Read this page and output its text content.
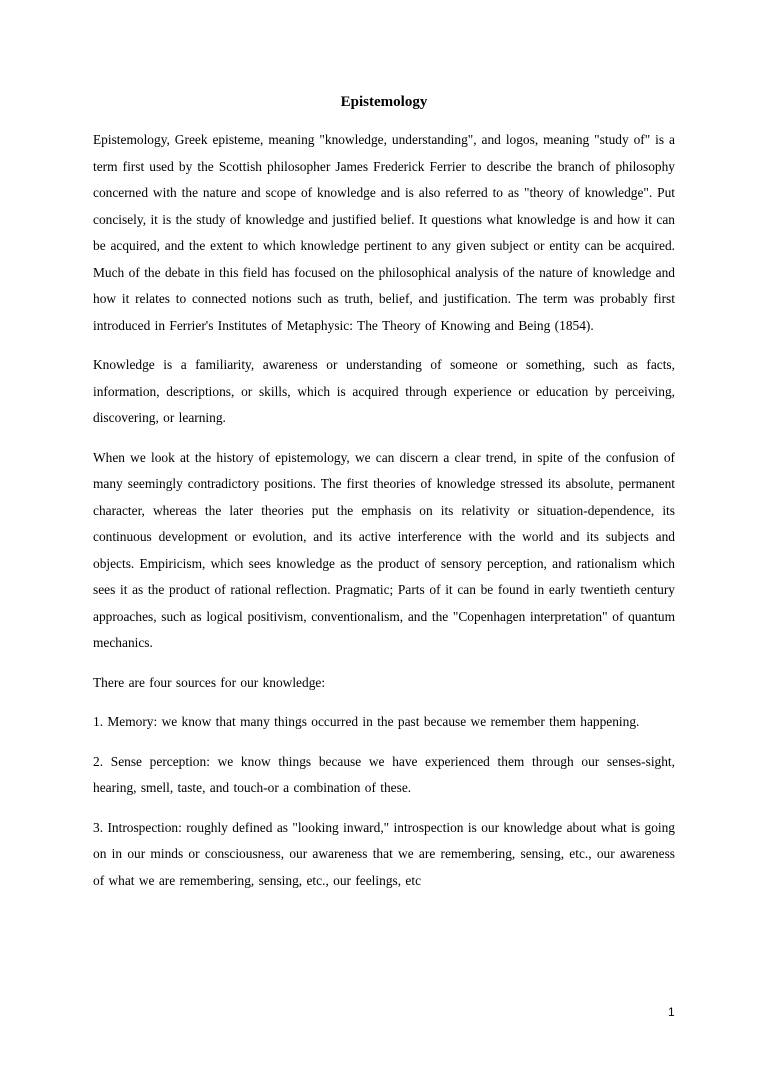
Epistemology

Epistemology, Greek episteme, meaning "knowledge, understanding", and logos, meaning "study of" is a term first used by the Scottish philosopher James Frederick Ferrier to describe the branch of philosophy concerned with the nature and scope of knowledge and is also referred to as "theory of knowledge". Put concisely, it is the study of knowledge and justified belief. It questions what knowledge is and how it can be acquired, and the extent to which knowledge pertinent to any given subject or entity can be acquired. Much of the debate in this field has focused on the philosophical analysis of the nature of knowledge and how it relates to connected notions such as truth, belief, and justification. The term was probably first introduced in Ferrier's Institutes of Metaphysic: The Theory of Knowing and Being (1854).

Knowledge is a familiarity, awareness or understanding of someone or something, such as facts, information, descriptions, or skills, which is acquired through experience or education by perceiving, discovering, or learning.

When we look at the history of epistemology, we can discern a clear trend, in spite of the confusion of many seemingly contradictory positions. The first theories of knowledge stressed its absolute, permanent character, whereas the later theories put the emphasis on its relativity or situation-dependence, its continuous development or evolution, and its active interference with the world and its subjects and objects. Empiricism, which sees knowledge as the product of sensory perception, and rationalism which sees it as the product of rational reflection. Pragmatic; Parts of it can be found in early twentieth century approaches, such as logical positivism, conventionalism, and the "Copenhagen interpretation" of quantum mechanics.

There are four sources for our knowledge:

1. Memory: we know that many things occurred in the past because we remember them happening.

2. Sense perception: we know things because we have experienced them through our senses-sight, hearing, smell, taste, and touch-or a combination of these.

3. Introspection: roughly defined as "looking inward," introspection is our knowledge about what is going on in our minds or consciousness, our awareness that we are remembering, sensing, etc., our awareness of what we are remembering, sensing, etc., our feelings, etc

1
